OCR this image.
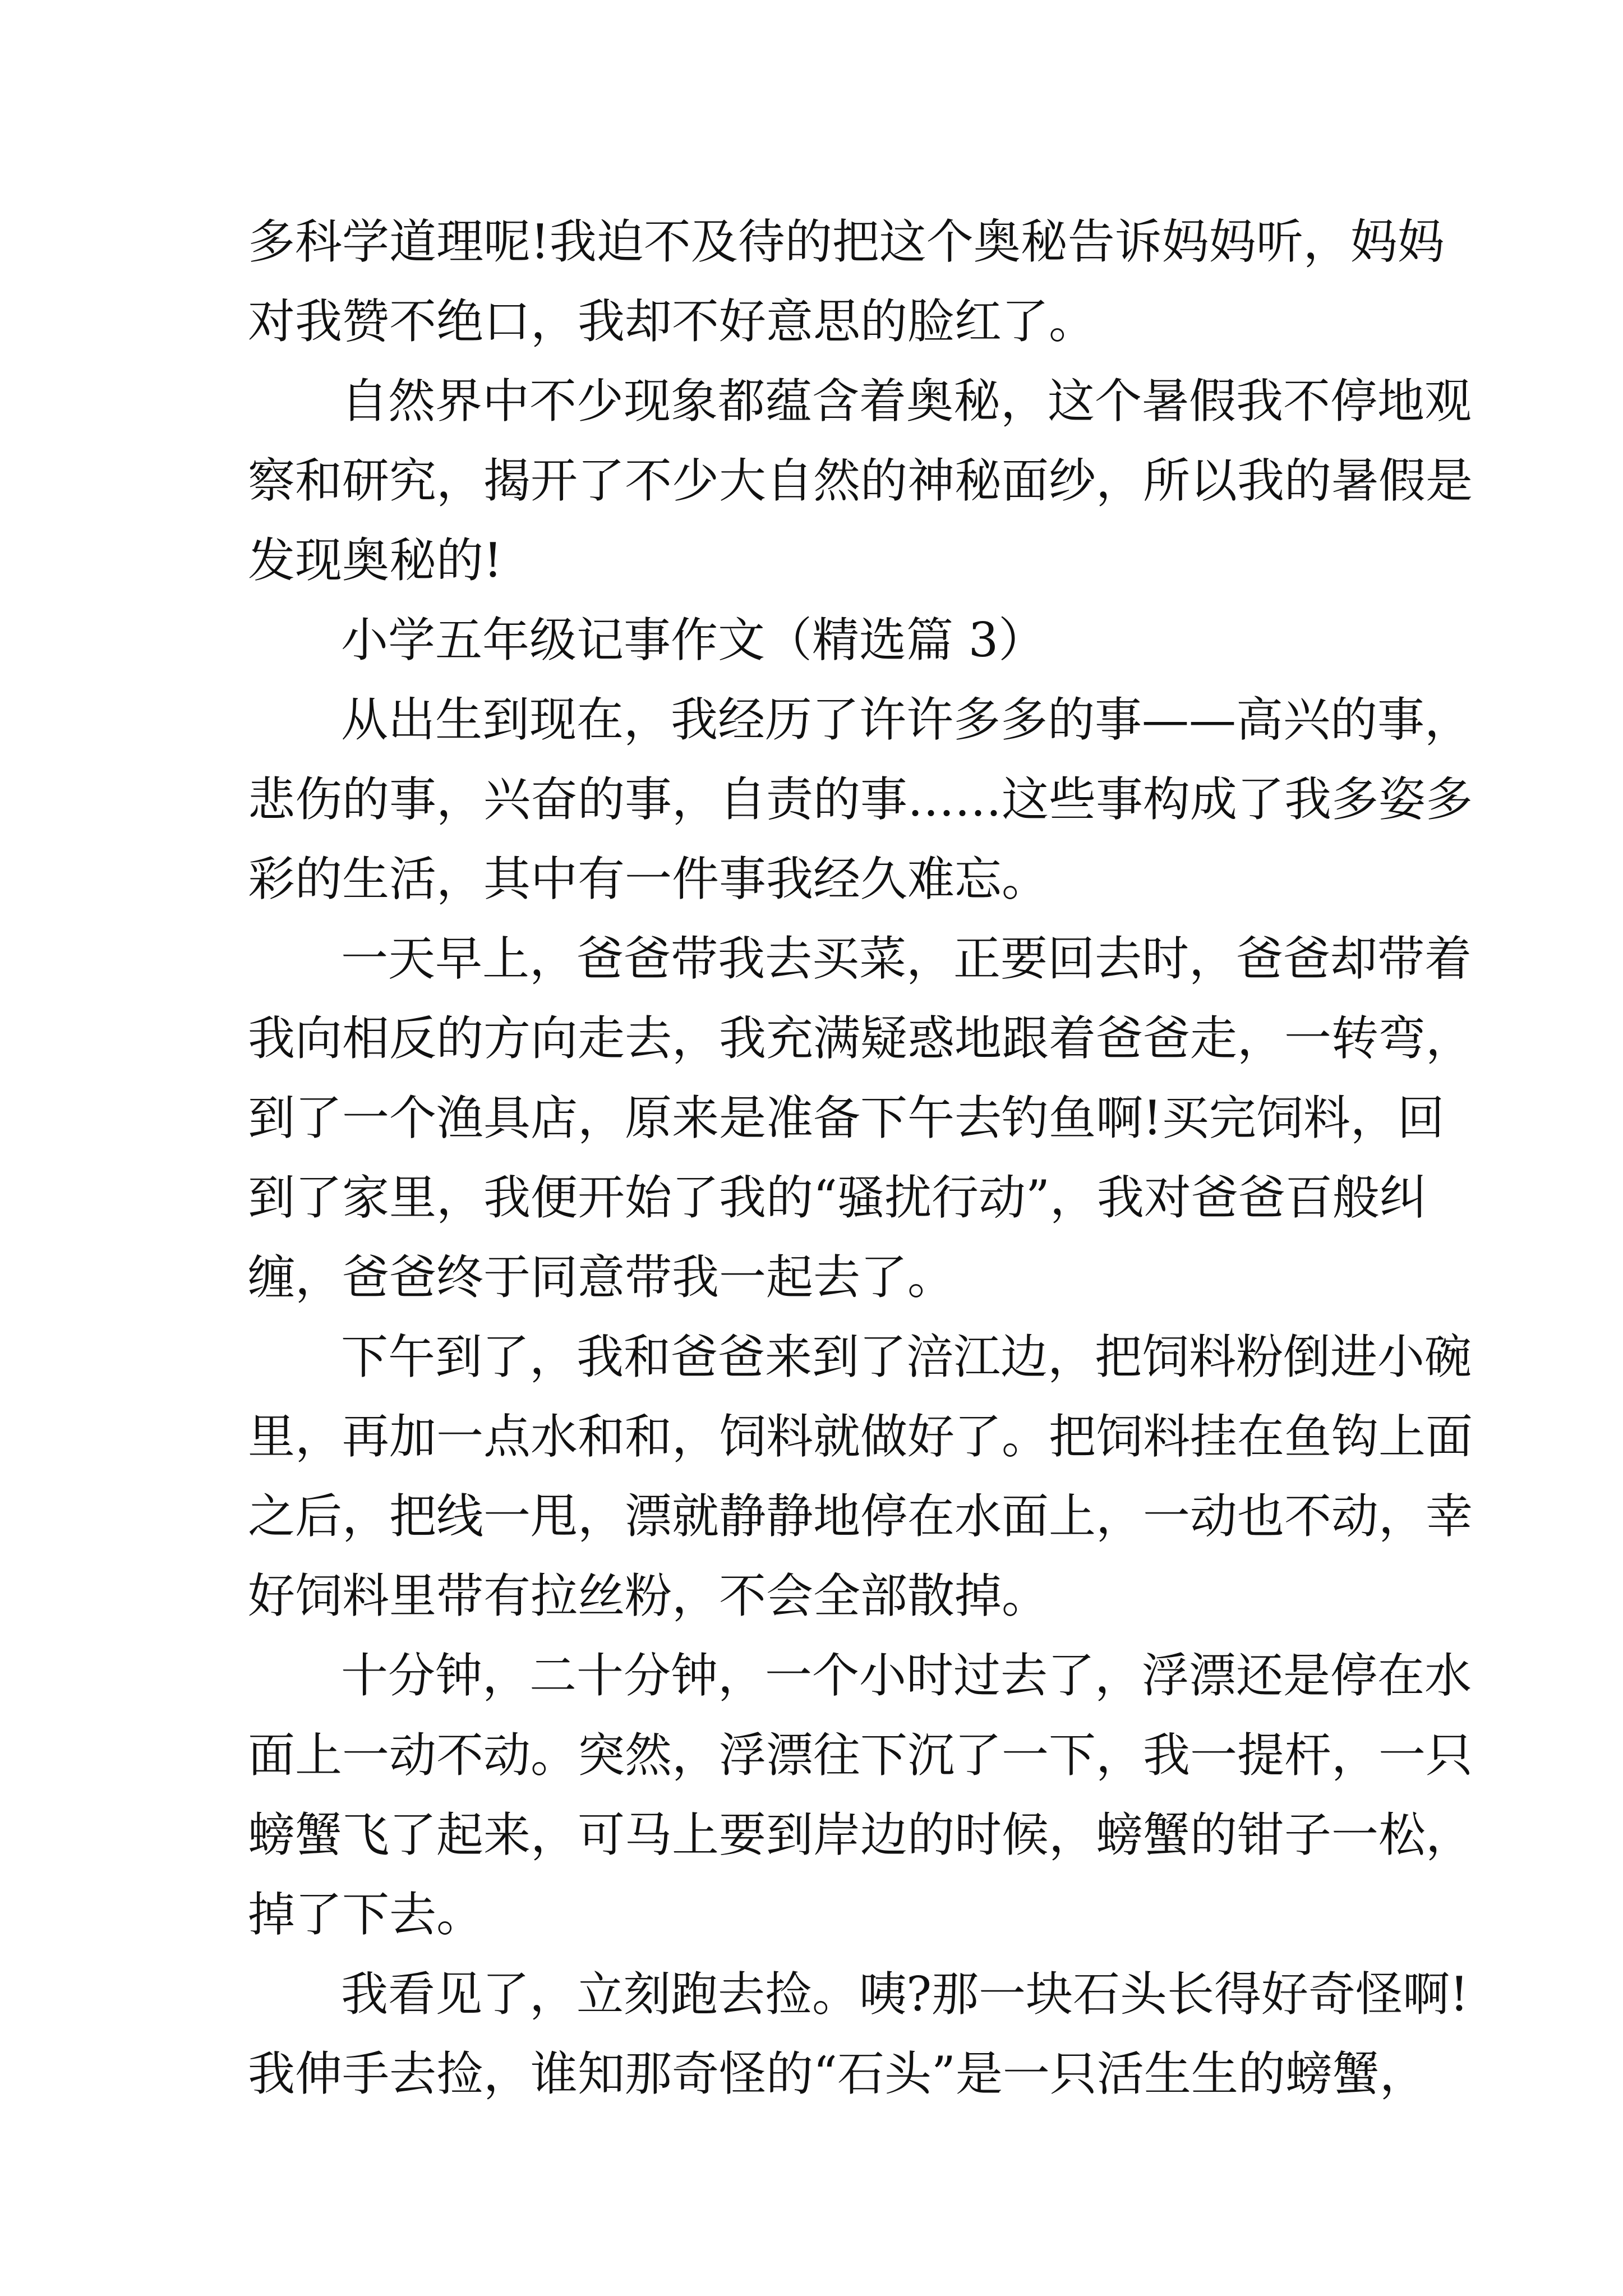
多科学道理呢!我迫不及待的把这个奥秘告诉妈妈听，妈妈
对我赞不绝口，我却不好意思的脸红了。
自然界中不少现象都蕴含着奥秘，这个暑假我不停地观
察和研究，揭开了不少大自然的神秘面纱，所以我的暑假是
发现奥秘的!
小学五年级记事作文（精选篇 3）
从出生到现在，我经历了许许多多的事——高兴的事，
悲伤的事，兴奋的事，自责的事……这些事构成了我多姿多
彩的生活，其中有一件事我经久难忘。
一天早上，爸爸带我去买菜，正要回去时，爸爸却带着
我向相反的方向走去，我充满疑惑地跟着爸爸走，一转弯，
到了一个渔具店，原来是准备下午去钓鱼啊!买完饲料，回
到了家里，我便开始了我的“骚扰行动”，我对爸爸百般纠
缠，爸爸终于同意带我一起去了。
下午到了，我和爸爸来到了涪江边，把饲料粉倒进小碗
里，再加一点水和和，饲料就做好了。把饲料挂在鱼钩上面
之后，把线一甩，漂就静静地停在水面上，一动也不动，幸
好饲料里带有拉丝粉，不会全部散掉。
十分钟，二十分钟，一个小时过去了，浮漂还是停在水
面上一动不动。突然，浮漂往下沉了一下，我一提杆，一只
螃蟹飞了起来，可马上要到岸边的时候，螃蟹的钳子一松，
掉了下去。
我看见了，立刻跑去捡。咦?那一块石头长得好奇怪啊!
我伸手去捡，谁知那奇怪的“石头”是一只活生生的螃蟹，
